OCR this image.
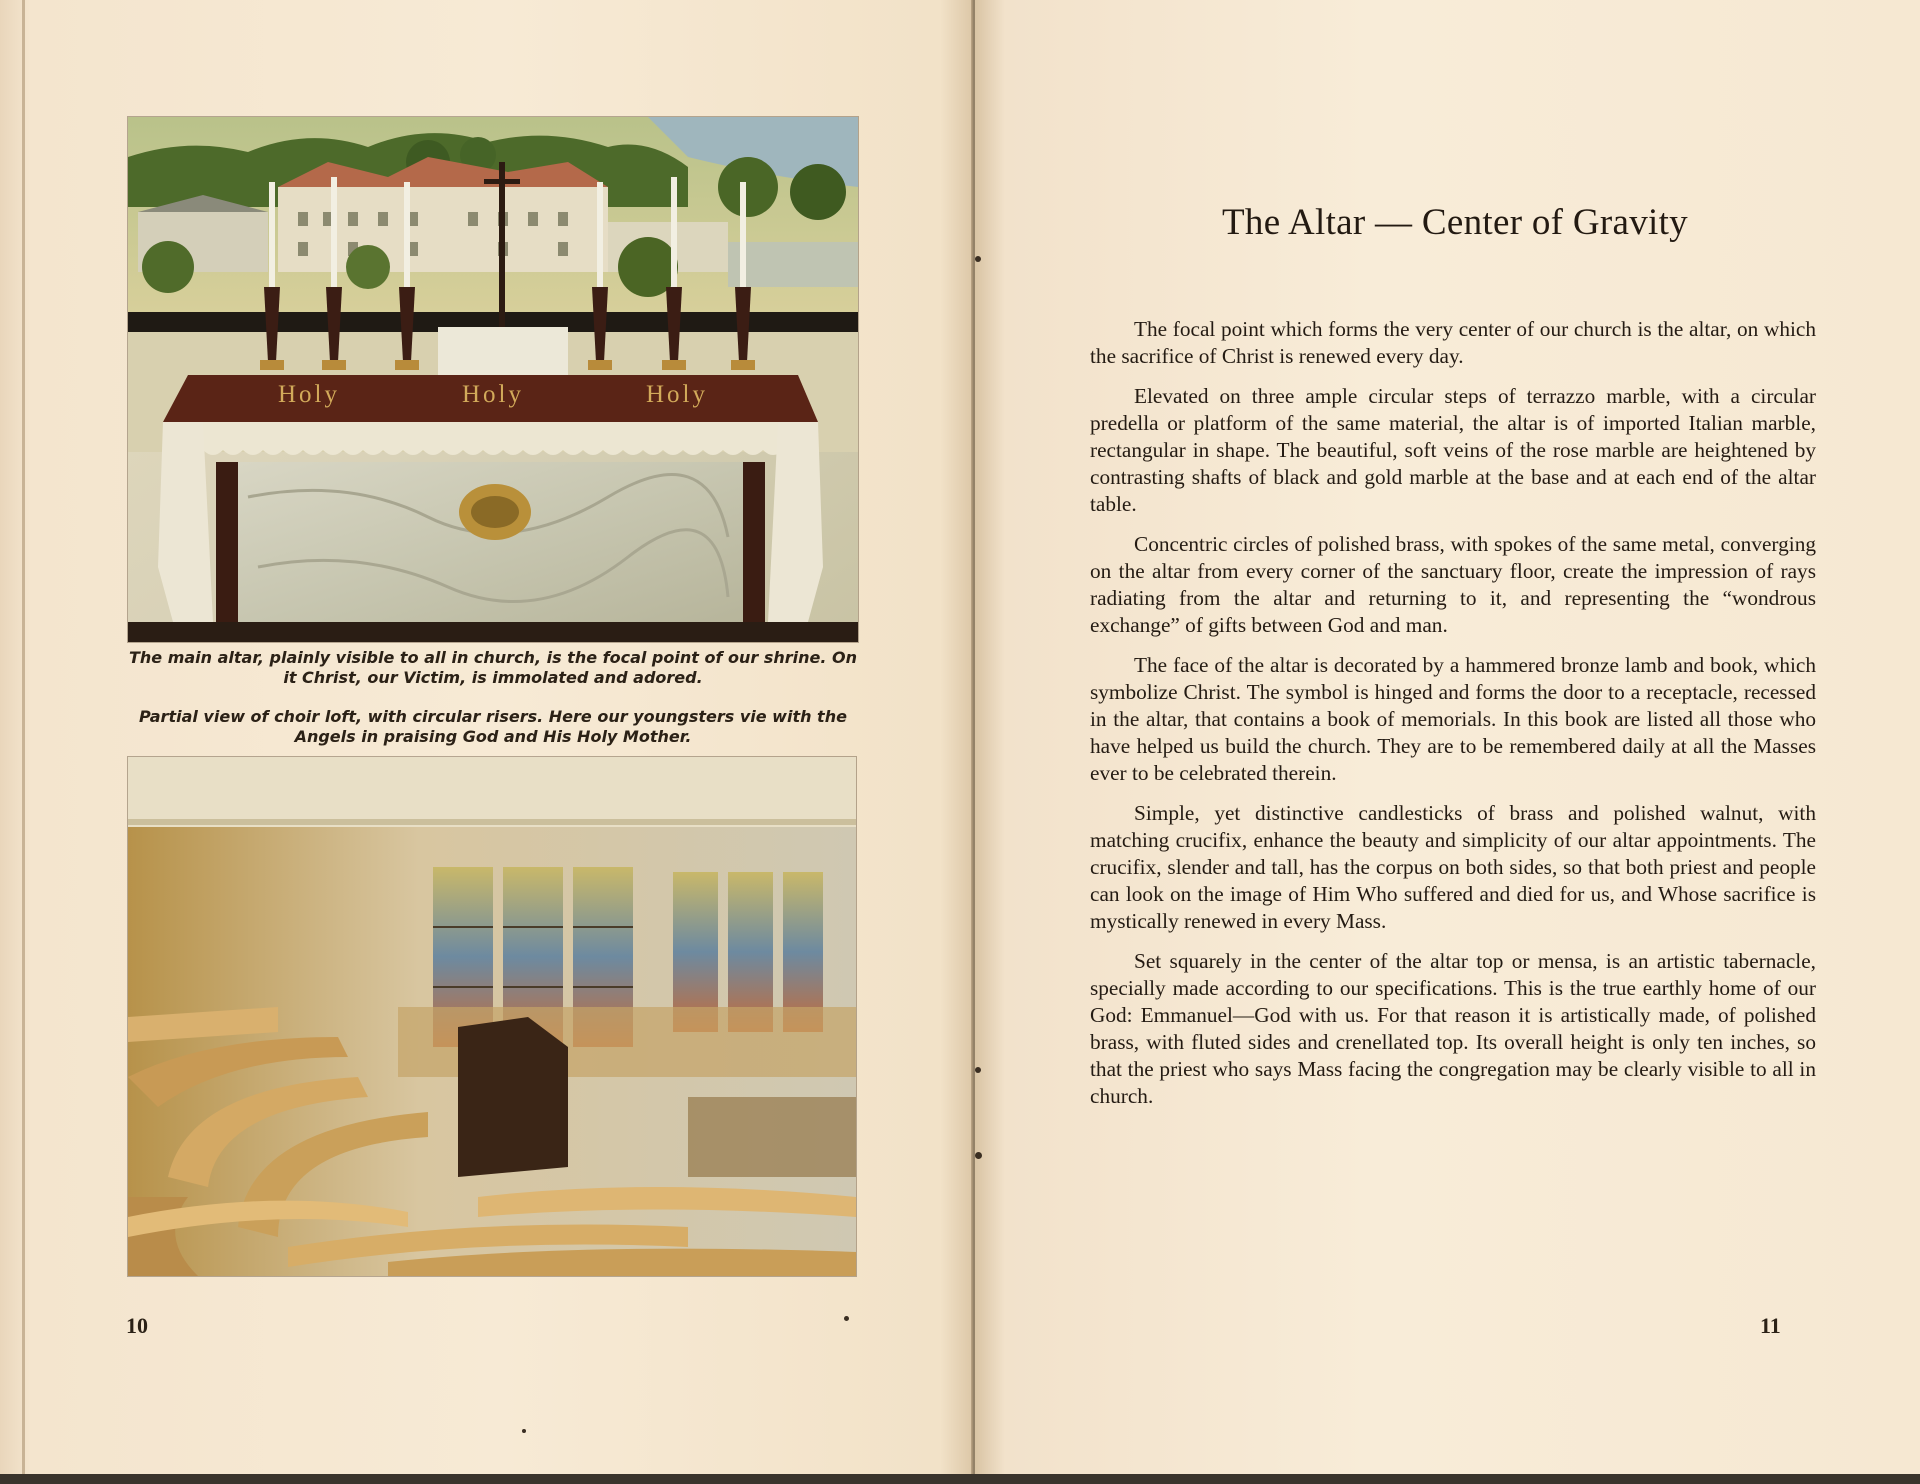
Holy	Holy	Holy
The main altar, plainly visible to all in church, is the focal point of our shrine. On it Christ, our Victim, is immolated and adored.
Partial view of choir loft, with circular risers. Here our youngsters vie with the Angels in praising God and His Holy Mother.
10
The Altar — Center of Gravity

The focal point which forms the very center of our church is the altar, on which the sacrifice of Christ is renewed every day.

Elevated on three ample circular steps of terrazzo marble, with a circular predella or platform of the same material, the altar is of imported Italian marble, rectangular in shape. The beautiful, soft veins of the rose marble are heightened by contrasting shafts of black and gold marble at the base and at each end of the altar table.

Concentric circles of polished brass, with spokes of the same metal, converging on the altar from every corner of the sanctuary floor, create the impression of rays radiating from the altar and returning to it, and representing the “wondrous exchange” of gifts between God and man.

The face of the altar is decorated by a hammered bronze lamb and book, which symbolize Christ. The symbol is hinged and forms the door to a receptacle, recessed in the altar, that contains a book of memorials. In this book are listed all those who have helped us build the church. They are to be remembered daily at all the Masses ever to be celebrated therein.

Simple, yet distinctive candlesticks of brass and polished walnut, with matching crucifix, enhance the beauty and simplicity of our altar appointments. The crucifix, slender and tall, has the corpus on both sides, so that both priest and people can look on the image of Him Who suffered and died for us, and Whose sacrifice is mystically renewed in every Mass.

Set squarely in the center of the altar top or mensa, is an artistic tabernacle, specially made according to our specifications. This is the true earthly home of our God: Emmanuel—God with us. For that reason it is artistically made, of polished brass, with fluted sides and crenellated top. Its overall height is only ten inches, so that the priest who says Mass facing the congregation may be clearly visible to all in church.

11
